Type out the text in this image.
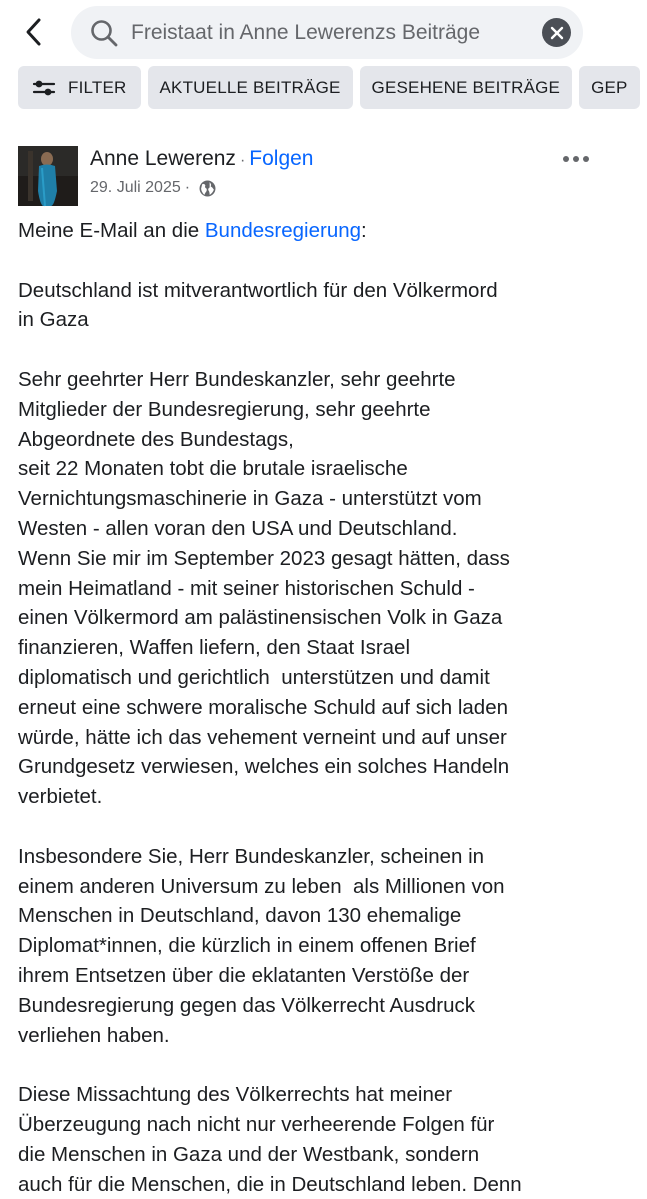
Freistaat in Anne Lewerenzs Beiträge
FILTER AKTUELLE BEITRÄGE GESEHENE BEITRÄGE GEP
Anne Lewerenz · Folgen
29. Juli 2025 ·

Meine E-Mail an die Bundesregierung:

Deutschland ist mitverantwortlich für den Völkermord
in Gaza

Sehr geehrter Herr Bundeskanzler, sehr geehrte
Mitglieder der Bundesregierung, sehr geehrte
Abgeordnete des Bundestags,
seit 22 Monaten tobt die brutale israelische
Vernichtungsmaschinerie in Gaza - unterstützt vom
Westen - allen voran den USA und Deutschland.
Wenn Sie mir im September 2023 gesagt hätten, dass
mein Heimatland - mit seiner historischen Schuld -
einen Völkermord am palästinensischen Volk in Gaza
finanzieren, Waffen liefern, den Staat Israel
diplomatisch und gerichtlich  unterstützen und damit
erneut eine schwere moralische Schuld auf sich laden
würde, hätte ich das vehement verneint und auf unser
Grundgesetz verwiesen, welches ein solches Handeln
verbietet.

Insbesondere Sie, Herr Bundeskanzler, scheinen in
einem anderen Universum zu leben  als Millionen von
Menschen in Deutschland, davon 130 ehemalige
Diplomat*innen, die kürzlich in einem offenen Brief
ihrem Entsetzen über die eklatanten Verstöße der
Bundesregierung gegen das Völkerrecht Ausdruck
verliehen haben.

Diese Missachtung des Völkerrechts hat meiner
Überzeugung nach nicht nur verheerende Folgen für
die Menschen in Gaza und der Westbank, sondern
auch für die Menschen, die in Deutschland leben. Denn
